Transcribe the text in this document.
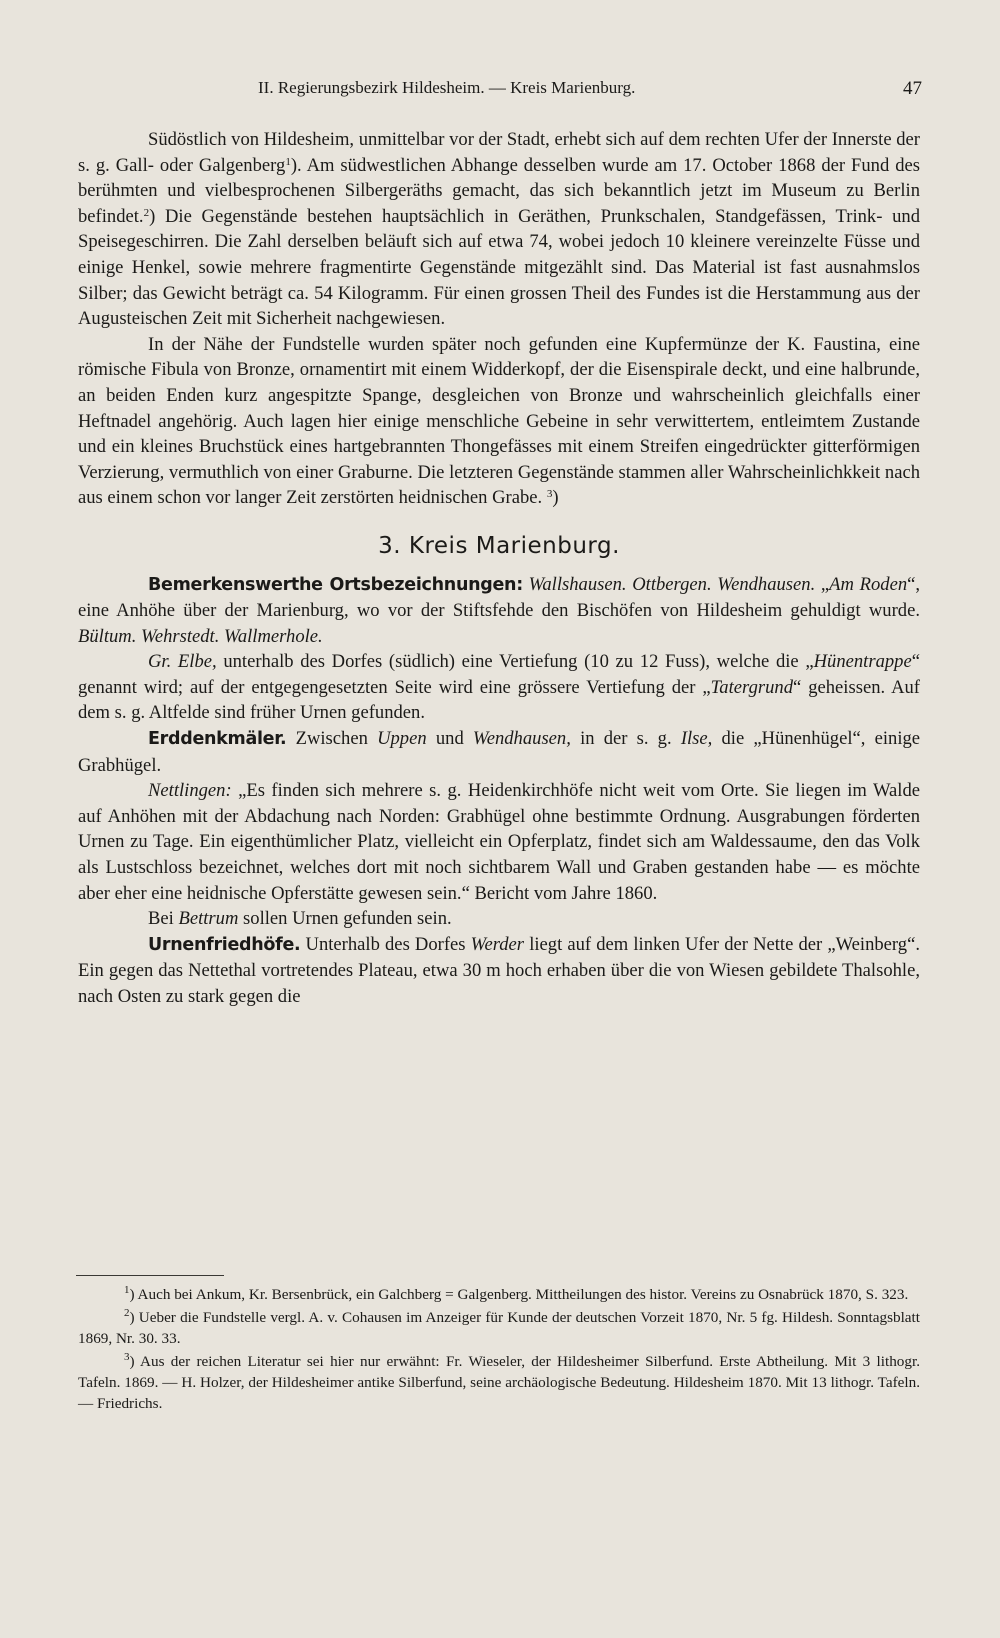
II. Regierungsbezirk Hildesheim. — Kreis Marienburg.	47

Südöstlich von Hildesheim, unmittelbar vor der Stadt, erhebt sich auf dem rechten Ufer der Innerste der s. g. Gall- oder Galgenberg$^1$). Am südwestlichen Abhange desselben wurde am 17. October 1868 der Fund des berühmten und vielbesprochenen Silbergeräths gemacht, das sich bekanntlich jetzt im Museum zu Berlin befindet.$^2$) Die Gegenstände bestehen hauptsächlich in Geräthen, Prunkschalen, Standgefässen, Trink- und Speisegeschirren. Die Zahl derselben beläuft sich auf etwa 74, wobei jedoch 10 kleinere vereinzelte Füsse und einige Henkel, sowie mehrere fragmentirte Gegenstände mitgezählt sind. Das Material ist fast ausnahmslos Silber; das Gewicht beträgt ca. 54 Kilogramm. Für einen grossen Theil des Fundes ist die Herstammung aus der Augusteischen Zeit mit Sicherheit nachgewiesen.

In der Nähe der Fundstelle wurden später noch gefunden eine Kupfermünze der K. Faustina, eine römische Fibula von Bronze, ornamentirt mit einem Widderkopf, der die Eisenspirale deckt, und eine halbrunde, an beiden Enden kurz angespitzte Spange, desgleichen von Bronze und wahrscheinlich gleichfalls einer Heftnadel angehörig. Auch lagen hier einige menschliche Gebeine in sehr verwittertem, entleimtem Zustande und ein kleines Bruchstück eines hartgebrannten Thongefässes mit einem Streifen eingedrückter gitterförmigen Verzierung, vermuthlich von einer Graburne. Die letzteren Gegenstände stammen aller Wahrscheinlichkkeit nach aus einem schon vor langer Zeit zerstörten heidnischen Grabe. $^3$)

3. Kreis Marienburg.

Bemerkenswerthe Ortsbezeichnungen: Wallshausen. Ottbergen. Wendhausen. „Am Roden“, eine Anhöhe über der Marienburg, wo vor der Stiftsfehde den Bischöfen von Hildesheim gehuldigt wurde. Bültum. Wehrstedt. Wallmerhole.

Gr. Elbe, unterhalb des Dorfes (südlich) eine Vertiefung (10 zu 12 Fuss), welche die „Hünentrappe“ genannt wird; auf der entgegengesetzten Seite wird eine grössere Vertiefung der „Tatergrund“ geheissen. Auf dem s. g. Altfelde sind früher Urnen gefunden.

Erddenkmäler. Zwischen Uppen und Wendhausen, in der s. g. Ilse, die „Hünenhügel“, einige Grabhügel.

Nettlingen: „Es finden sich mehrere s. g. Heidenkirchhöfe nicht weit vom Orte. Sie liegen im Walde auf Anhöhen mit der Abdachung nach Norden: Grabhügel ohne bestimmte Ordnung. Ausgrabungen förderten Urnen zu Tage. Ein eigenthümlicher Platz, vielleicht ein Opferplatz, findet sich am Waldessaume, den das Volk als Lustschloss bezeichnet, welches dort mit noch sichtbarem Wall und Graben gestanden habe — es möchte aber eher eine heidnische Opferstätte gewesen sein.“ Bericht vom Jahre 1860.

Bei Bettrum sollen Urnen gefunden sein.

Urnenfriedhöfe. Unterhalb des Dorfes Werder liegt auf dem linken Ufer der Nette der „Weinberg“. Ein gegen das Nettethal vortretendes Plateau, etwa 30 m hoch erhaben über die von Wiesen gebildete Thalsohle, nach Osten zu stark gegen die

$^1$) Auch bei Ankum, Kr. Bersenbrück, ein Galchberg = Galgenberg. Mittheilungen des histor. Vereins zu Osnabrück 1870, S. 323.

$^2$) Ueber die Fundstelle vergl. A. v. Cohausen im Anzeiger für Kunde der deutschen Vorzeit 1870, Nr. 5 fg. Hildesh. Sonntagsblatt 1869, Nr. 30. 33.

$^3$) Aus der reichen Literatur sei hier nur erwähnt: Fr. Wieseler, der Hildesheimer Silberfund. Erste Abtheilung. Mit 3 lithogr. Tafeln. 1869. — H. Holzer, der Hildesheimer antike Silberfund, seine archäologische Bedeutung. Hildesheim 1870. Mit 13 lithogr. Tafeln. — Friedrichs.
